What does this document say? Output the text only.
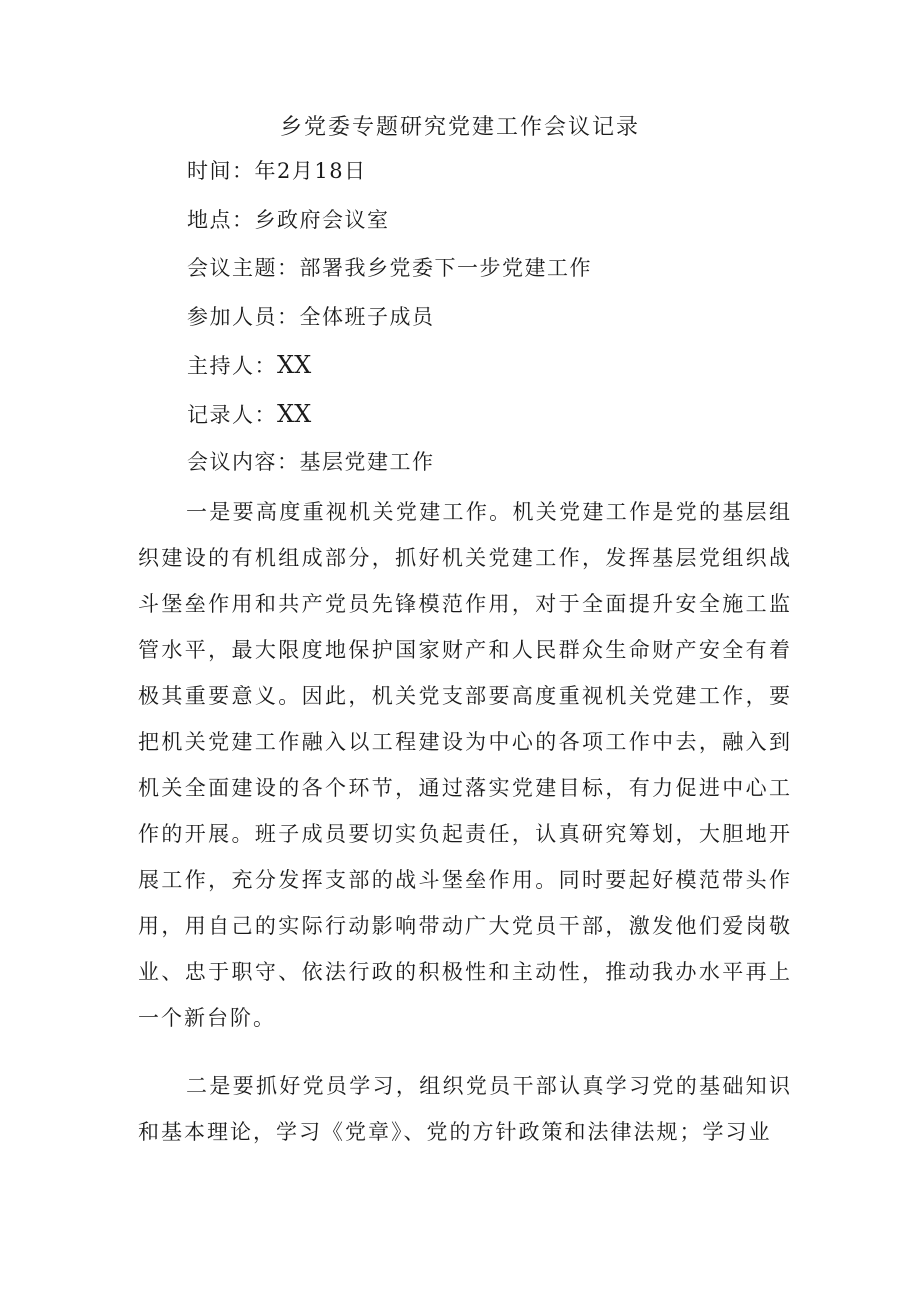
乡党委专题研究党建工作会议记录
时间：年2月18日
地点：乡政府会议室
会议主题：部署我乡党委下一步党建工作
参加人员：全体班子成员
主持人：XX
记录人：XX
会议内容：基层党建工作

一是要高度重视机关党建工作。机关党建工作是党的基层组织建设的有机组成部分，抓好机关党建工作，发挥基层党组织战斗堡垒作用和共产党员先锋模范作用，对于全面提升安全施工监管水平，最大限度地保护国家财产和人民群众生命财产安全有着极其重要意义。因此，机关党支部要高度重视机关党建工作，要把机关党建工作融入以工程建设为中心的各项工作中去，融入到机关全面建设的各个环节，通过落实党建目标，有力促进中心工作的开展。班子成员要切实负起责任，认真研究筹划，大胆地开展工作，充分发挥支部的战斗堡垒作用。同时要起好模范带头作用，用自己的实际行动影响带动广大党员干部，激发他们爱岗敬业、忠于职守、依法行政的积极性和主动性，推动我办水平再上一个新台阶。

二是要抓好党员学习，组织党员干部认真学习党的基础知识和基本理论，学习《党章》、党的方针政策和法律法规；学习业
